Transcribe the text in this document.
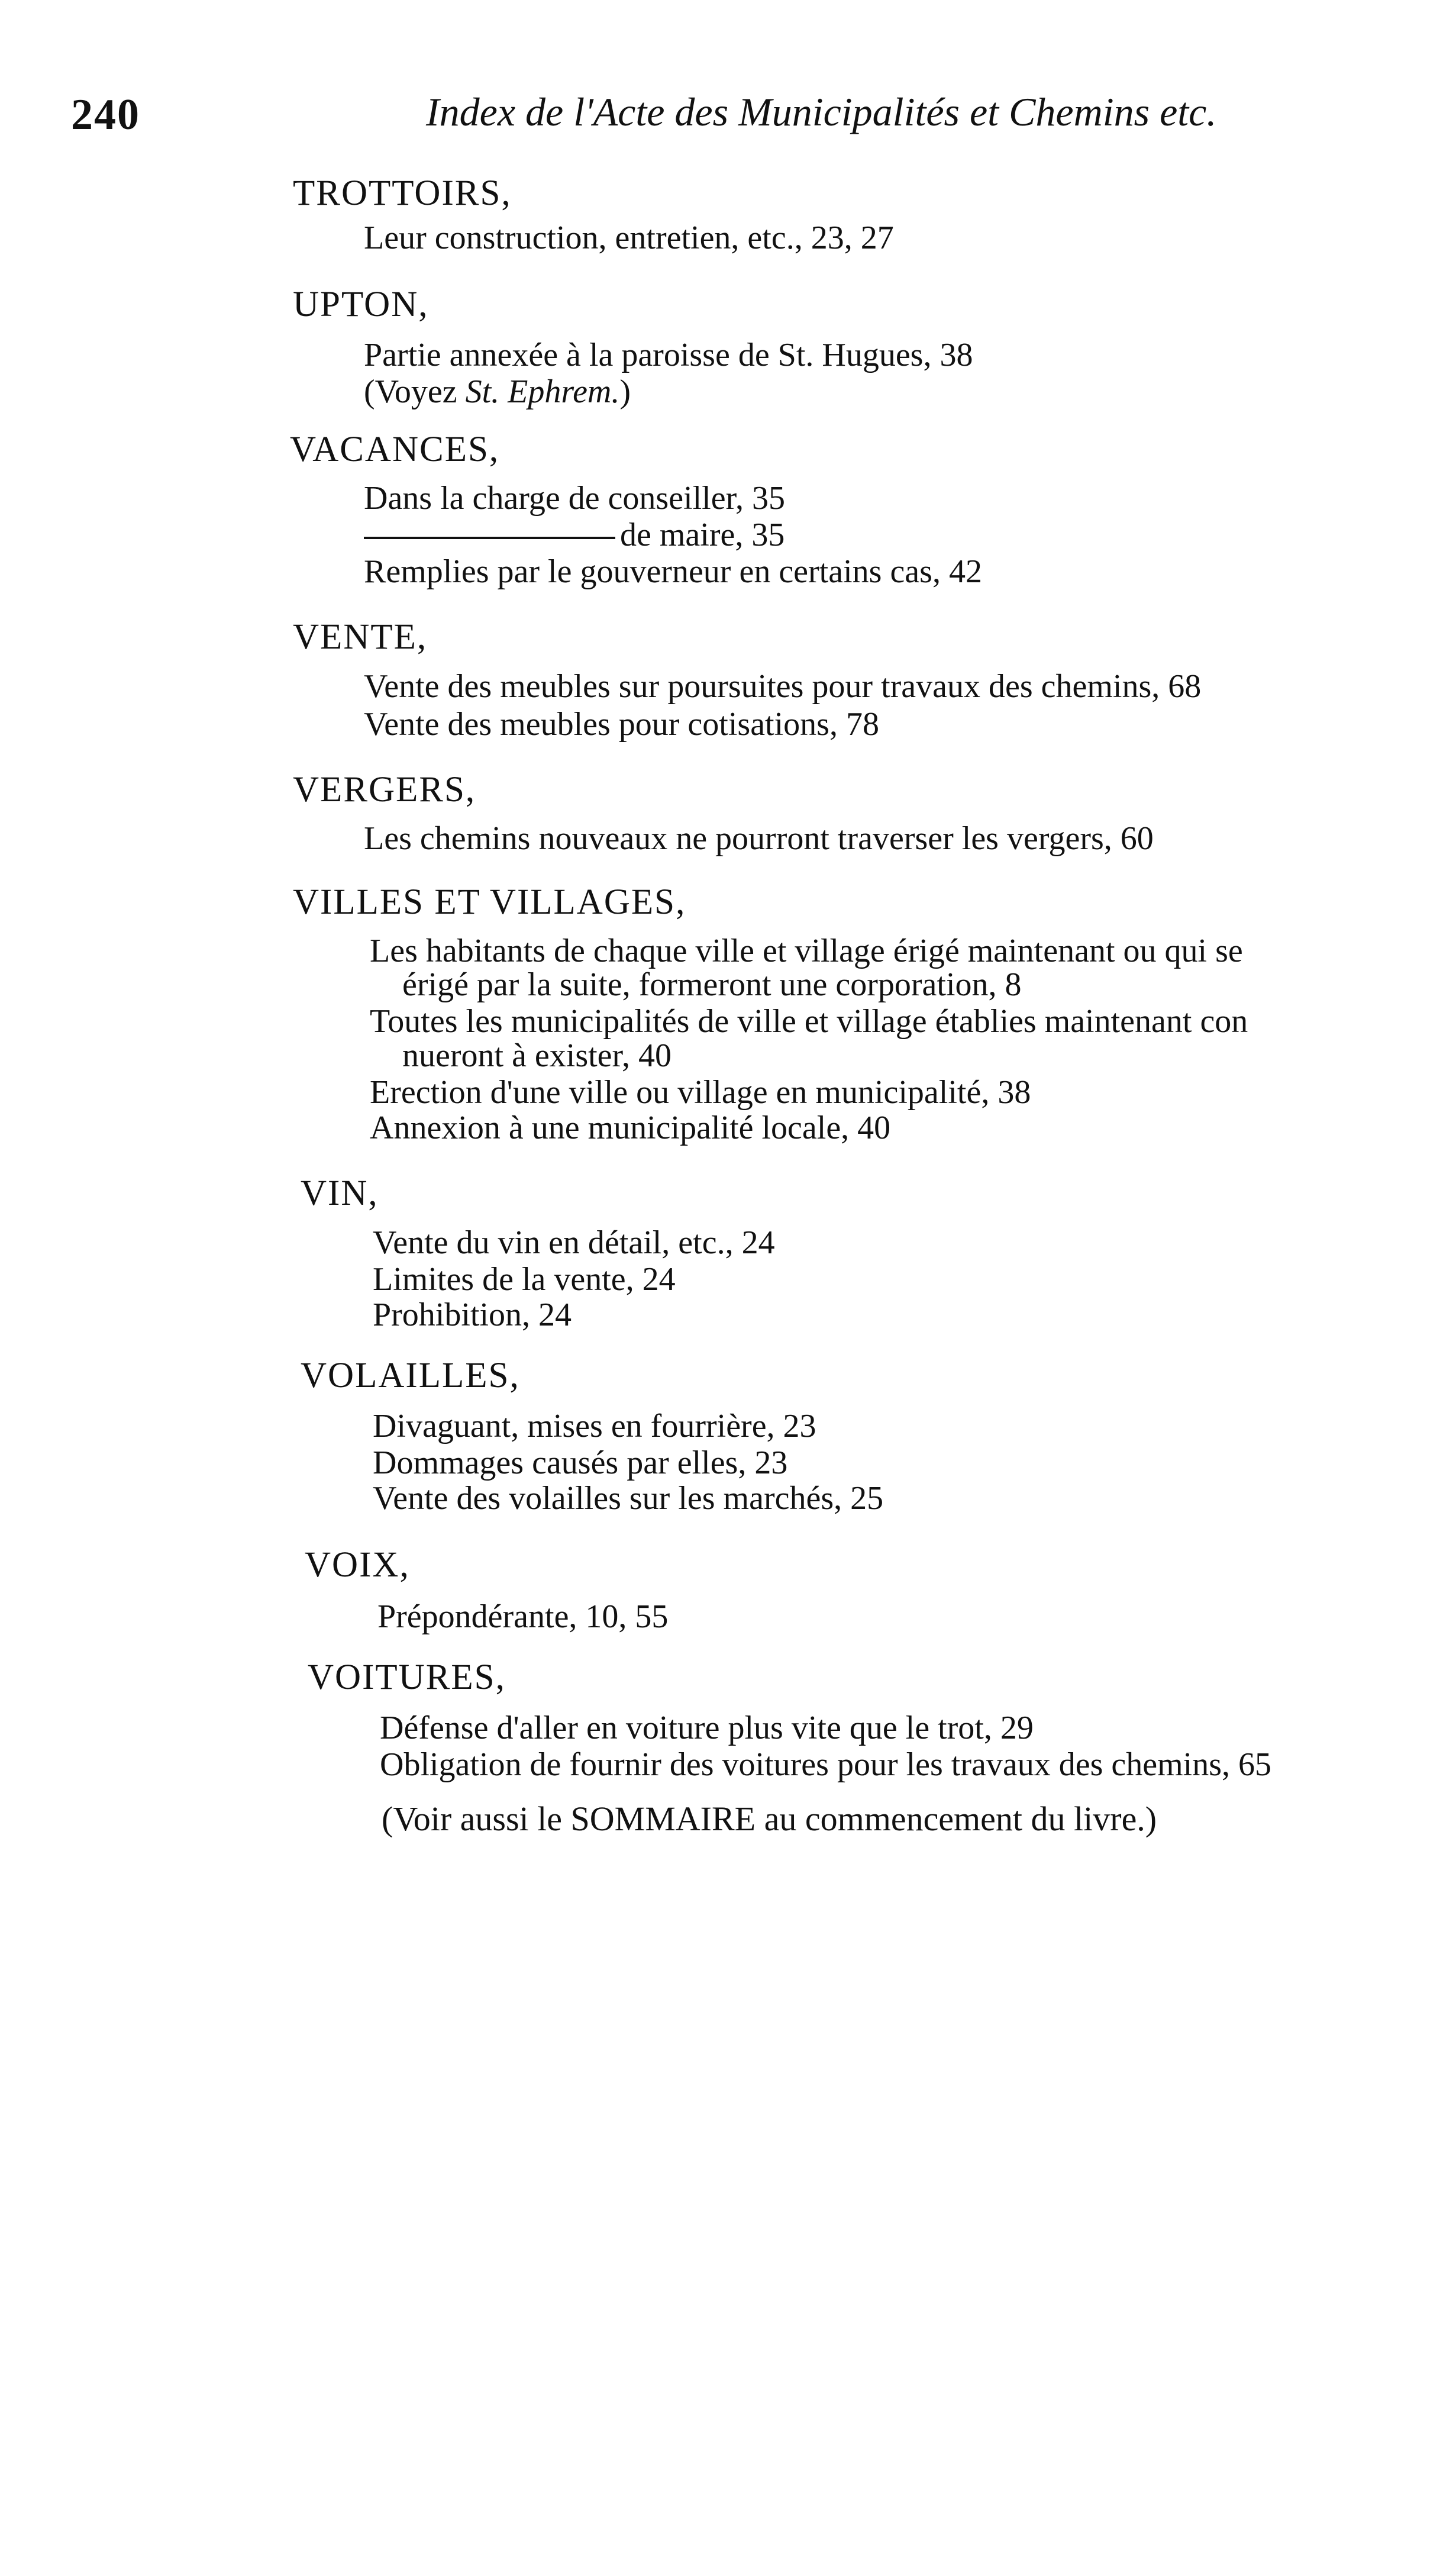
240	Index de l'Acte des Municipalités et Chemins etc.
TROTTOIRS,
Leur construction, entretien, etc., 23, 27
UPTON,
Partie annexée à la paroisse de St. Hugues, 38
(Voyez St. Ephrem.)
VACANCES,
Dans la charge de conseiller, 35
de maire, 35
Remplies par le gouverneur en certains cas, 42
VENTE,
Vente des meubles sur poursuites pour travaux des chemins, 68
Vente des meubles pour cotisations, 78
VERGERS,
Les chemins nouveaux ne pourront traverser les vergers, 60
VILLES ET VILLAGES,
Les habitants de chaque ville et village érigé maintenant ou qui se
érigé par la suite, formeront une corporation, 8
Toutes les municipalités de ville et village établies maintenant con
nueront à exister, 40
Erection d'une ville ou village en municipalité, 38
Annexion à une municipalité locale, 40
VIN,
Vente du vin en détail, etc., 24
Limites de la vente, 24
Prohibition, 24
VOLAILLES,
Divaguant, mises en fourrière, 23
Dommages causés par elles, 23
Vente des volailles sur les marchés, 25
VOIX,
Prépondérante, 10, 55
VOITURES,
Défense d'aller en voiture plus vite que le trot, 29
Obligation de fournir des voitures pour les travaux des chemins, 65
(Voir aussi le SOMMAIRE au commencement du livre.)
